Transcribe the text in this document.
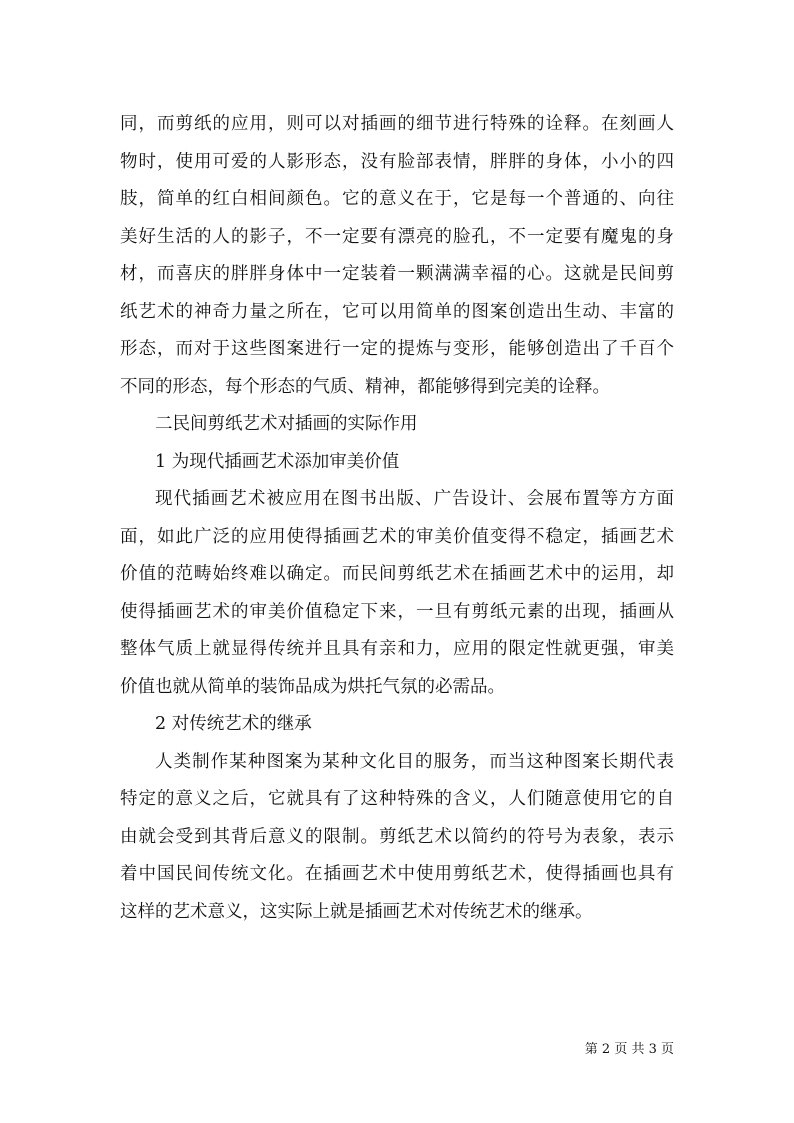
同，而剪纸的应用，则可以对插画的细节进行特殊的诠释。在刻画人
物时，使用可爱的人影形态，没有脸部表情，胖胖的身体，小小的四
肢，简单的红白相间颜色。它的意义在于，它是每一个普通的、向往
美好生活的人的影子，不一定要有漂亮的脸孔，不一定要有魔鬼的身
材，而喜庆的胖胖身体中一定装着一颗满满幸福的心。这就是民间剪
纸艺术的神奇力量之所在，它可以用简单的图案创造出生动、丰富的
形态，而对于这些图案进行一定的提炼与变形，能够创造出了千百个
不同的形态，每个形态的气质、精神，都能够得到完美的诠释。
二民间剪纸艺术对插画的实际作用
1 为现代插画艺术添加审美价值
现代插画艺术被应用在图书出版、广告设计、会展布置等方方面
面，如此广泛的应用使得插画艺术的审美价值变得不稳定，插画艺术
价值的范畴始终难以确定。而民间剪纸艺术在插画艺术中的运用，却
使得插画艺术的审美价值稳定下来，一旦有剪纸元素的出现，插画从
整体气质上就显得传统并且具有亲和力，应用的限定性就更强，审美
价值也就从简单的装饰品成为烘托气氛的必需品。
2 对传统艺术的继承
人类制作某种图案为某种文化目的服务，而当这种图案长期代表
特定的意义之后，它就具有了这种特殊的含义，人们随意使用它的自
由就会受到其背后意义的限制。剪纸艺术以简约的符号为表象，表示
着中国民间传统文化。在插画艺术中使用剪纸艺术，使得插画也具有
这样的艺术意义，这实际上就是插画艺术对传统艺术的继承。
第 2 页 共 3 页
